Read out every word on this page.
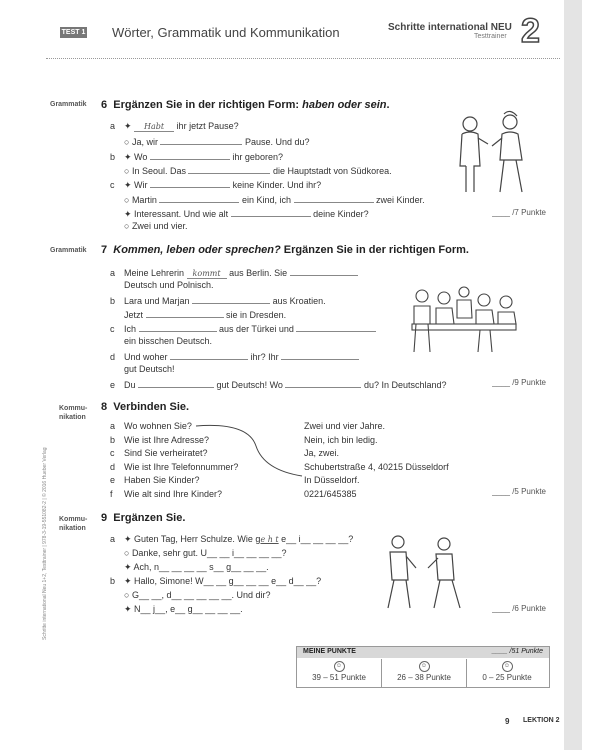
TEST 1 Wörter, Grammatik und Kommunikation	Schritte international NEU
Testtrainer 2
Schritte international Neu 1+2, Testtrainer | 978-3-19-551082-2 | © 2016 Hueber Verlag
Grammatik 6 Ergänzen Sie in der richtigen Form: haben oder sein.
a ✦ Habt ihr jetzt Pause?
○ Ja, wir	Pause. Und du?
b ✦ Wo	ihr geboren?
○ In Seoul. Das	die Hauptstadt von Südkorea.
c ✦ Wir	keine Kinder. Und ihr?
○ Martin	ein Kind, ich	zwei Kinder.
✦ Interessant. Und wie alt	deine Kinder?
○ Zwei und vier.
____ /7 Punkte
Grammatik 7 Kommen, leben oder sprechen? Ergänzen Sie in der richtigen Form.
a Meine Lehrerin kommt aus Berlin. Sie
Deutsch und Polnisch.
b Lara und Marjan	aus Kroatien.
Jetzt	sie in Dresden.
c Ich	aus der Türkei und
ein bisschen Deutsch.
d Und woher	ihr? Ihr
gut Deutsch!
e Du	gut Deutsch! Wo	du? In Deutschland?	____ /9 Punkte
Kommu-
nikation
8 Verbinden Sie.
a Wo wohnen Sie?
b Wie ist Ihre Adresse?
c Sind Sie verheiratet?
d Wie ist Ihre Telefonnummer?
e Haben Sie Kinder?
f Wie alt sind Ihre Kinder?
Zwei und vier Jahre.
Nein, ich bin ledig.
Ja, zwei.
Schubertstraße 4, 40215 Düsseldorf
In Düsseldorf.
0221/645385	____ /5 Punkte
Kommu-
nikation
9 Ergänzen Sie.
a ✦ Guten Tag, Herr Schulze. Wie ge h t e__ i__ __ __ __?
○ Danke, sehr gut. U__ __ i__ __ __ __?
✦ Ach, n__ __ __ __ s__ g__ __ __.
b ✦ Hallo, Simone! W__ __ g__ __ __ e__ d__ __?
○ G__ __, d__ __ __ __ __. Und dir?
✦ N__ j__, e__ g__ __ __ __.	____ /6 Punkte
MEINE PUNKTE	____ /51 Punkte
☺
39 – 51 Punkte
☺
26 – 38 Punkte
☺
0 – 25 Punkte
9 LEKTION 2
